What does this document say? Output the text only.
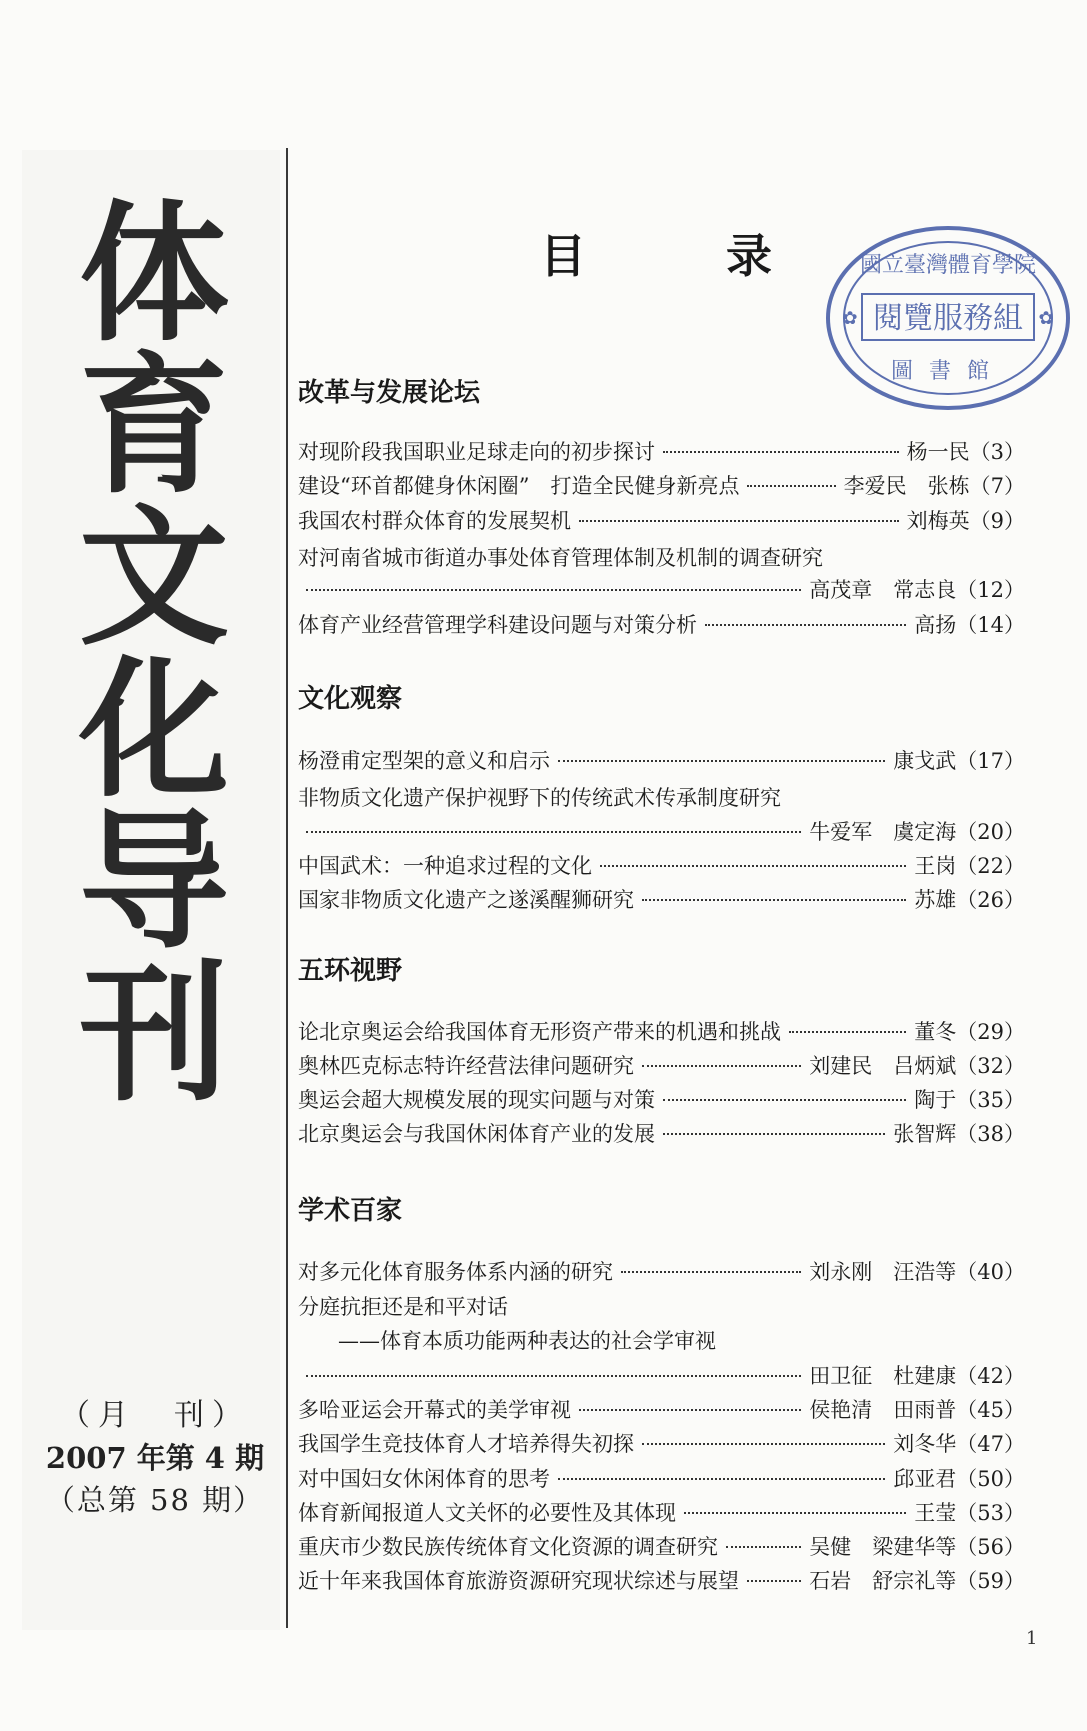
体
育
文
化
导
刊
（月　刊）
2007 年第 4 期
（总第 58 期）
目录
國立臺灣體育學院
閱覽服務組
圖書館
✿	✿
改革与发展论坛
对现阶段我国职业足球走向的初步探讨	杨一民 （3）
建设“环首都健身休闲圈”　打造全民健身新亮点	李爱民　张栋 （7）
我国农村群众体育的发展契机	刘梅英 （9）
对河南省城市街道办事处体育管理体制及机制的调查研究
高茂章　常志良 （12）
体育产业经营管理学科建设问题与对策分析	高扬 （14）
文化观察
杨澄甫定型架的意义和启示	康戈武 （17）
非物质文化遗产保护视野下的传统武术传承制度研究
牛爱军　虞定海 （20）
中国武术：一种追求过程的文化	王岗 （22）
国家非物质文化遗产之遂溪醒狮研究	苏雄 （26）
五环视野
论北京奥运会给我国体育无形资产带来的机遇和挑战	董冬 （29）
奥林匹克标志特许经营法律问题研究	刘建民　吕炳斌 （32）
奥运会超大规模发展的现实问题与对策	陶于 （35）
北京奥运会与我国休闲体育产业的发展	张智辉 （38）
学术百家
对多元化体育服务体系内涵的研究	刘永刚　汪浩等 （40）
分庭抗拒还是和平对话
——体育本质功能两种表达的社会学审视
田卫征　杜建康 （42）
多哈亚运会开幕式的美学审视	侯艳清　田雨普 （45）
我国学生竞技体育人才培养得失初探	刘冬华 （47）
对中国妇女休闲体育的思考	邱亚君 （50）
体育新闻报道人文关怀的必要性及其体现	王莹 （53）
重庆市少数民族传统体育文化资源的调查研究	吴健　梁建华等 （56）
近十年来我国体育旅游资源研究现状综述与展望	石岩　舒宗礼等 （59）
1
